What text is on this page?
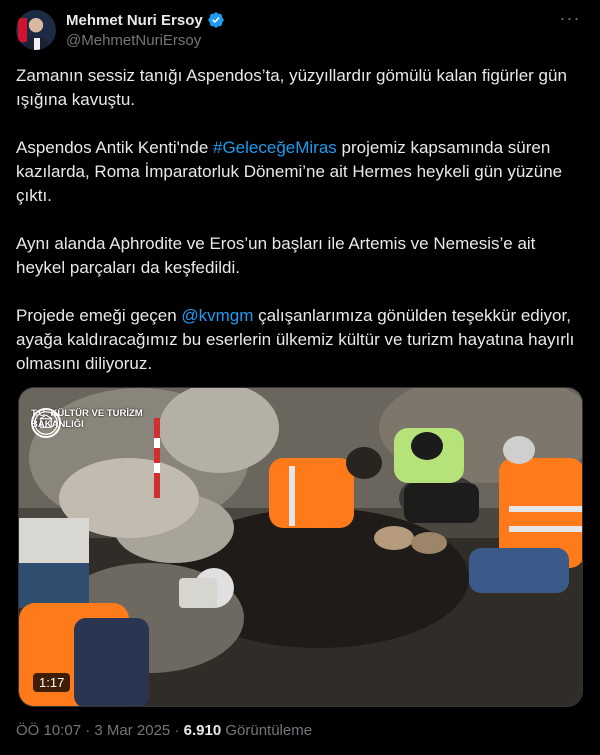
Mehmet Nuri Ersoy
@MehmetNuriErsoy
···

Zamanın sessiz tanığı Aspendos’ta, yüzyıllardır gömülü kalan figürler gün ışığına kavuştu.

Aspendos Antik Kenti'nde #GeleceğeMiras projemiz kapsamında süren kazılarda, Roma İmparatorluk Dönemi’ne ait Hermes heykeli gün yüzüne çıktı.

Aynı alanda Aphrodite ve Eros’un başları ile Artemis ve Nemesis’e ait heykel parçaları da keşfedildi.

Projede emeği geçen @kvmgm çalışanlarımıza gönülden teşekkür ediyor, ayağa kaldıracağımız bu eserlerin ülkemiz kültür ve turizm hayatına hayırlı olmasını diliyoruz.

T.C. KÜLTÜR VE TURİZM
BAKANLIĞI
1:17
ÖÖ 10:07 · 3 Mar 2025 · 6.910 Görüntüleme
